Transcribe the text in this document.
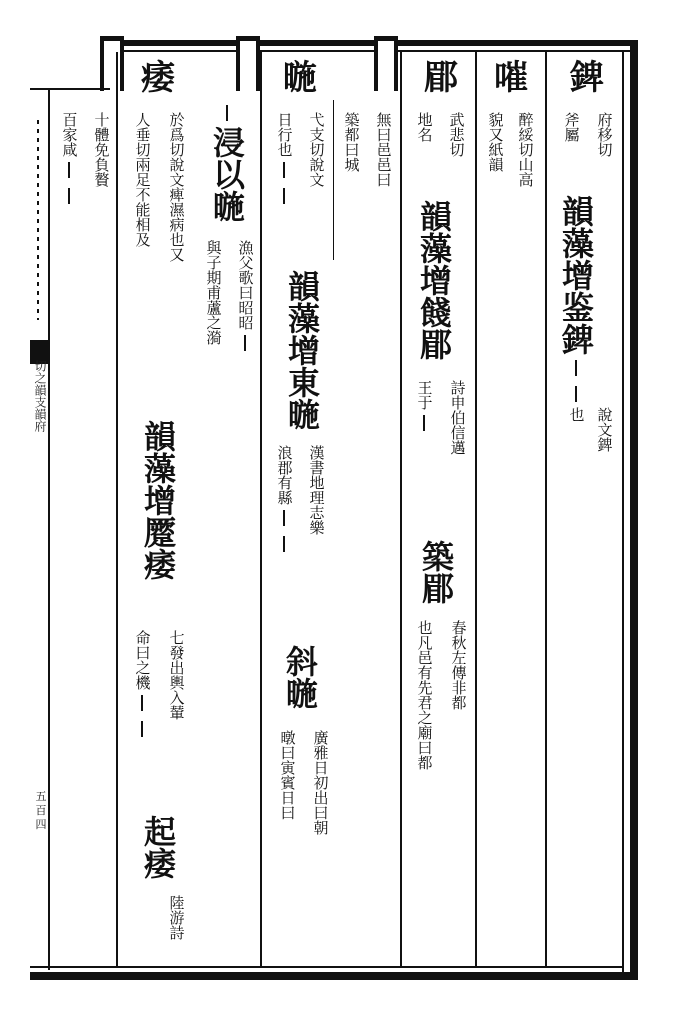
切之韻支韻府
五百四
錍
府移切
說文錍
斧屬
韻藻增
鉴錍
也
嗺
醉綏切山高
貌又紙韻
郿
武悲切
地名
韻藻增
餞郿
詩申伯信邁
王于
築郿
春秋左傳非都
也凡邑有先君之廟曰都
無曰邑邑曰
築都曰城
暆
弋支切說文
日行也
韻藻增
東暆
漢書地理志樂
浪郡有縣
斜暆
廣雅日初出曰朝
暾曰寅賓日曰
浸以暆
漁父歌曰昭昭
與子期甫蘆之漪
痿
於爲切說文痺濕病也又
人垂切兩足不能相及
韻藻增
蹷痿
七發出輿入輦
命曰之機
起痿
陸游詩
十體免負贅
百家咸
